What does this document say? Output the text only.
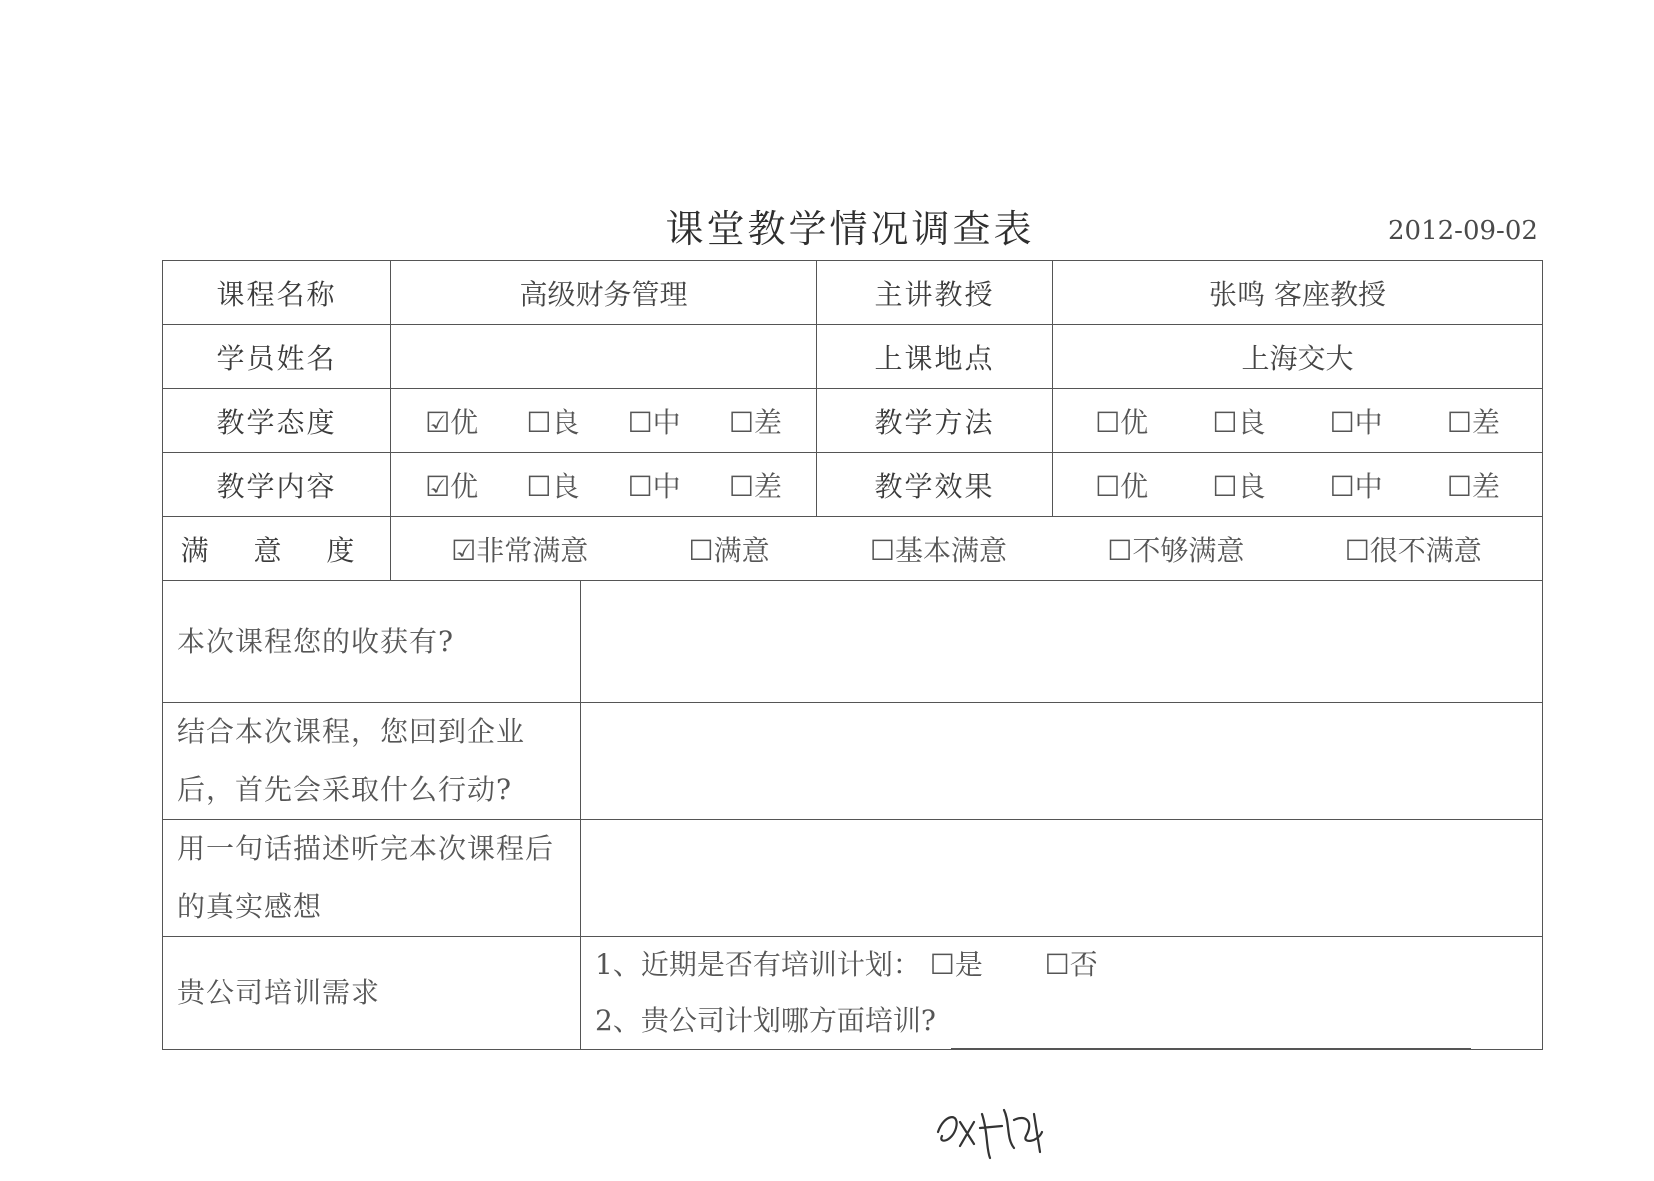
课堂教学情况调查表	2012-09-02
课程名称	高级财务管理	主讲教授	张鸣 客座教授
学员姓名		上课地点	上海交大
教学态度	☑优 ☐良 ☐中 ☐差	教学方法	☐优 ☐良 ☐中 ☐差

教学内容	☑优 ☐良 ☐中 ☐差	教学效果	☐优 ☐良 ☐中 ☐差

满 意 度	☑非常满意 ☐满意 ☐基本满意 ☐不够满意 ☐很不满意		
本次课程您的收获有?	
结合本次课程，您回到企业后，首先会采取什么行动?	
用一句话描述听完本次课程后的真实感想	
贵公司培训需求	1、近期是否有培训计划： ☐是 ☐否
2、贵公司计划哪方面培训?
